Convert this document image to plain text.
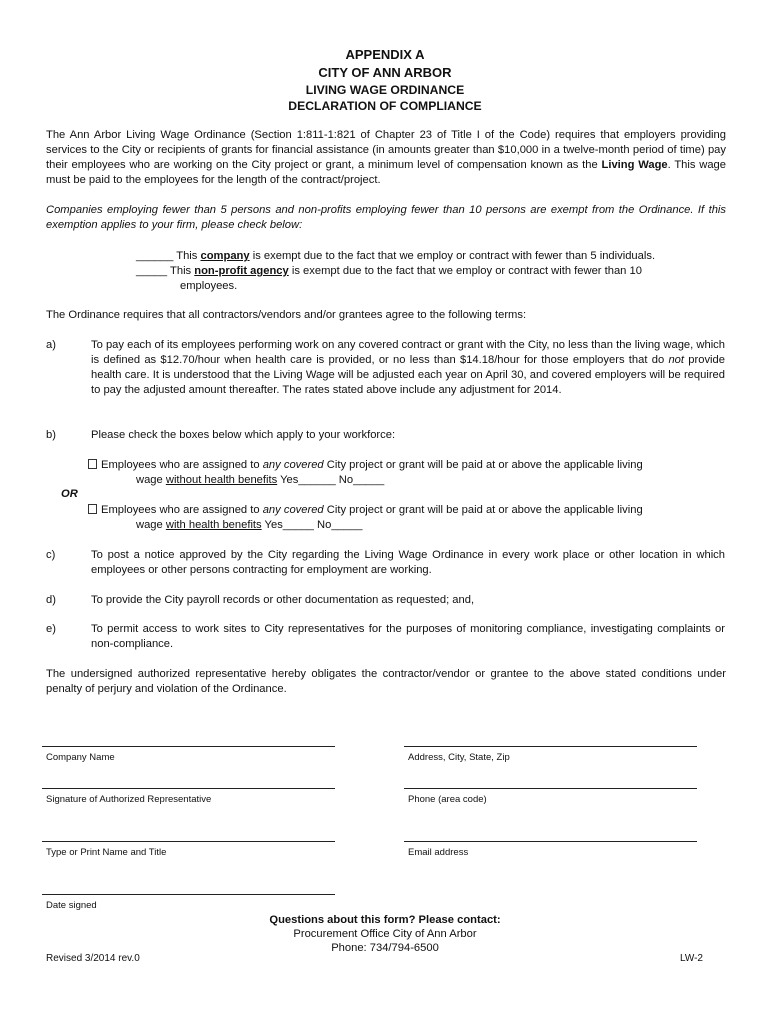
APPENDIX A
CITY OF ANN ARBOR
LIVING WAGE ORDINANCE
DECLARATION OF COMPLIANCE
The Ann Arbor Living Wage Ordinance (Section 1:811-1:821 of Chapter 23 of Title I of the Code) requires that employers providing services to the City or recipients of grants for financial assistance (in amounts greater than $10,000 in a twelve-month period of time) pay their employees who are working on the City project or grant, a minimum level of compensation known as the Living Wage. This wage must be paid to the employees for the length of the contract/project.
Companies employing fewer than 5 persons and non-profits employing fewer than 10 persons are exempt from the Ordinance. If this exemption applies to your firm, please check below:
______ This company is exempt due to the fact that we employ or contract with fewer than 5 individuals.
_____ This non-profit agency is exempt due to the fact that we employ or contract with fewer than 10
employees.
The Ordinance requires that all contractors/vendors and/or grantees agree to the following terms:
a)	To pay each of its employees performing work on any covered contract or grant with the City, no less than the living wage, which is defined as $12.70/hour when health care is provided, or no less than $14.18/hour for those employers that do not provide health care. It is understood that the Living Wage will be adjusted each year on April 30, and covered employers will be required to pay the adjusted amount thereafter. The rates stated above include any adjustment for 2014.
b)	Please check the boxes below which apply to your workforce:
Employees who are assigned to any covered City project or grant will be paid at or above the applicable living
wage without health benefits Yes______ No_____
OR
Employees who are assigned to any covered City project or grant will be paid at or above the applicable living
wage with health benefits Yes_____ No_____
c)	To post a notice approved by the City regarding the Living Wage Ordinance in every work place or other location in which employees or other persons contracting for employment are working.
d)	To provide the City payroll records or other documentation as requested; and,
e)	To permit access to work sites to City representatives for the purposes of monitoring compliance, investigating complaints or non-compliance.
The undersigned authorized representative hereby obligates the contractor/vendor or grantee to the above stated conditions under penalty of perjury and violation of the Ordinance.
Company Name	Address, City, State, Zip
Signature of Authorized Representative	Phone (area code)
Type or Print Name and Title	Email address
Date signed
Questions about this form? Please contact:
Procurement Office City of Ann Arbor
Phone: 734/794-6500
Revised 3/2014 rev.0	LW-2
